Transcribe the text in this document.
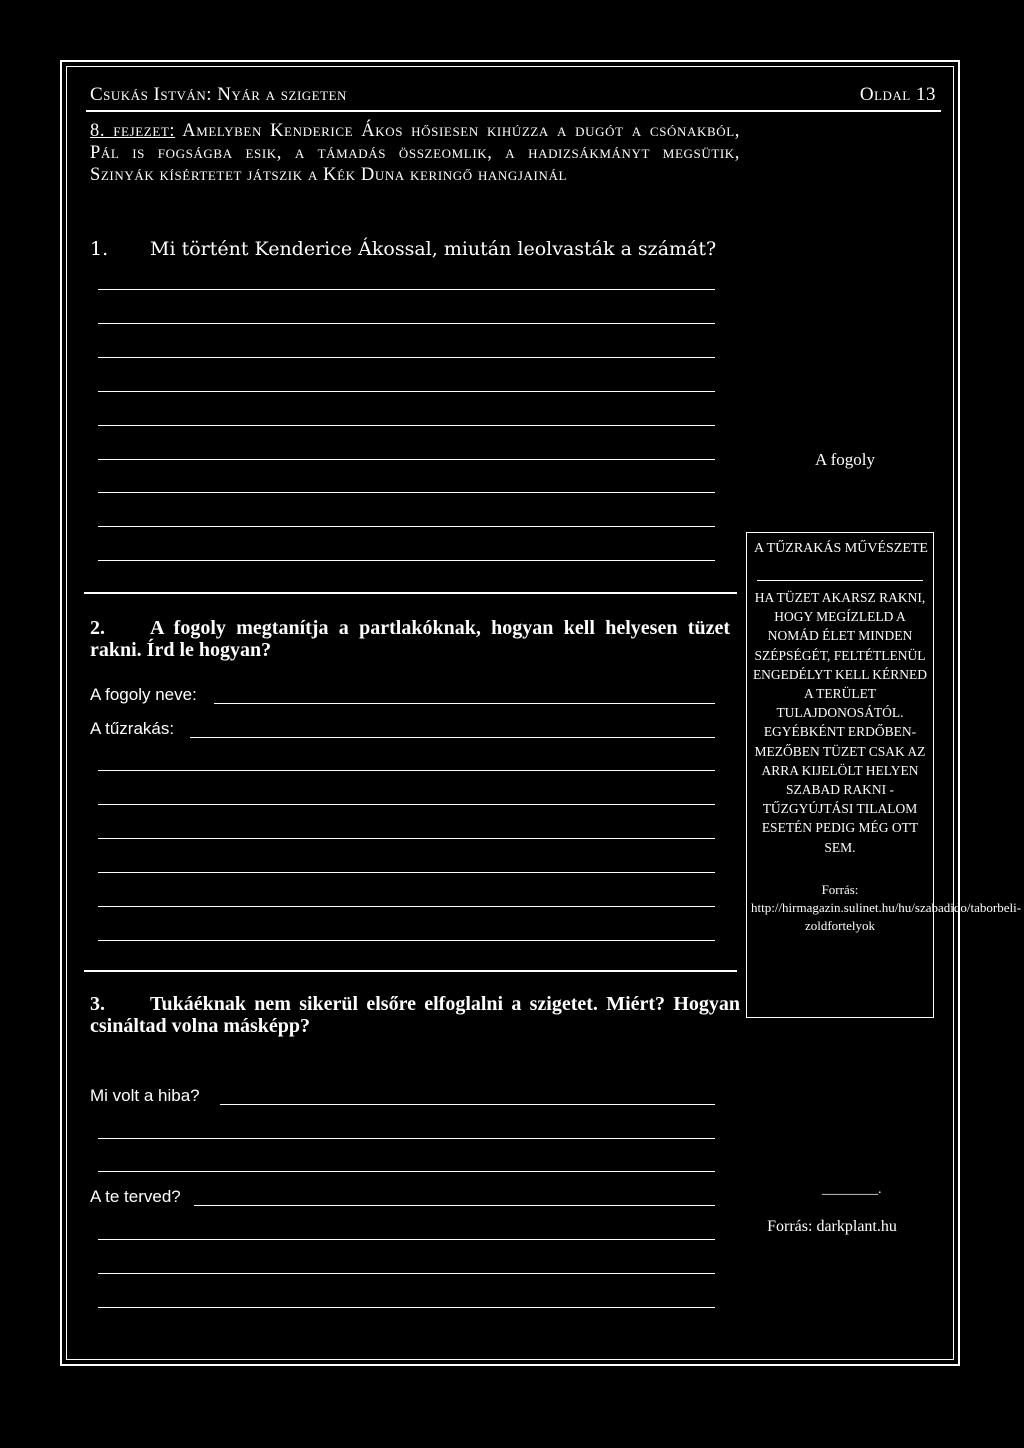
Csukás István: Nyár a szigeten	Oldal 13
8. fejezet: Amelyben Kenderice Ákos hősiesen kihúzza a dugót a csónakból, Pál is fogságba esik, a támadás összeomlik, a hadizsákmányt megsütik, Szinyák kísértetet játszik a Kék Duna keringő hangjainál
1. Mi történt Kenderice Ákossal, miután leolvasták a számát?
A fogoly
2. A fogoly megtanítja a partlakóknak, hogyan kell helyesen tüzet rakni. Írd le hogyan?
A fogoly neve:
A tűzrakás:
3. Tukáéknak nem sikerül elsőre elfoglalni a szigetet. Miért? Hogyan csináltad volna másképp?
Mi volt a hiba?
A te terved?
A TŰZRAKÁS MŰVÉSZETE
HA TÜZET AKARSZ RAKNI, HOGY MEGÍZLELD A NOMÁD ÉLET MINDEN SZÉPSÉGÉT, FELTÉTLENÜL ENGEDÉLYT KELL KÉRNED A TERÜLET TULAJDONOSÁTÓL. EGYÉBKÉNT ERDŐBEN-MEZŐBEN TÜZET CSAK AZ ARRA KIJELÖLT HELYEN SZABAD RAKNI - TŰZGYÚJTÁSI TILALOM ESETÉN PEDIG MÉG OTT SEM.
Forrás: http://hirmagazin.sulinet.hu/hu/szabadido/taborbeli-zoldfortelyok
________.
Forrás: darkplant.hu
